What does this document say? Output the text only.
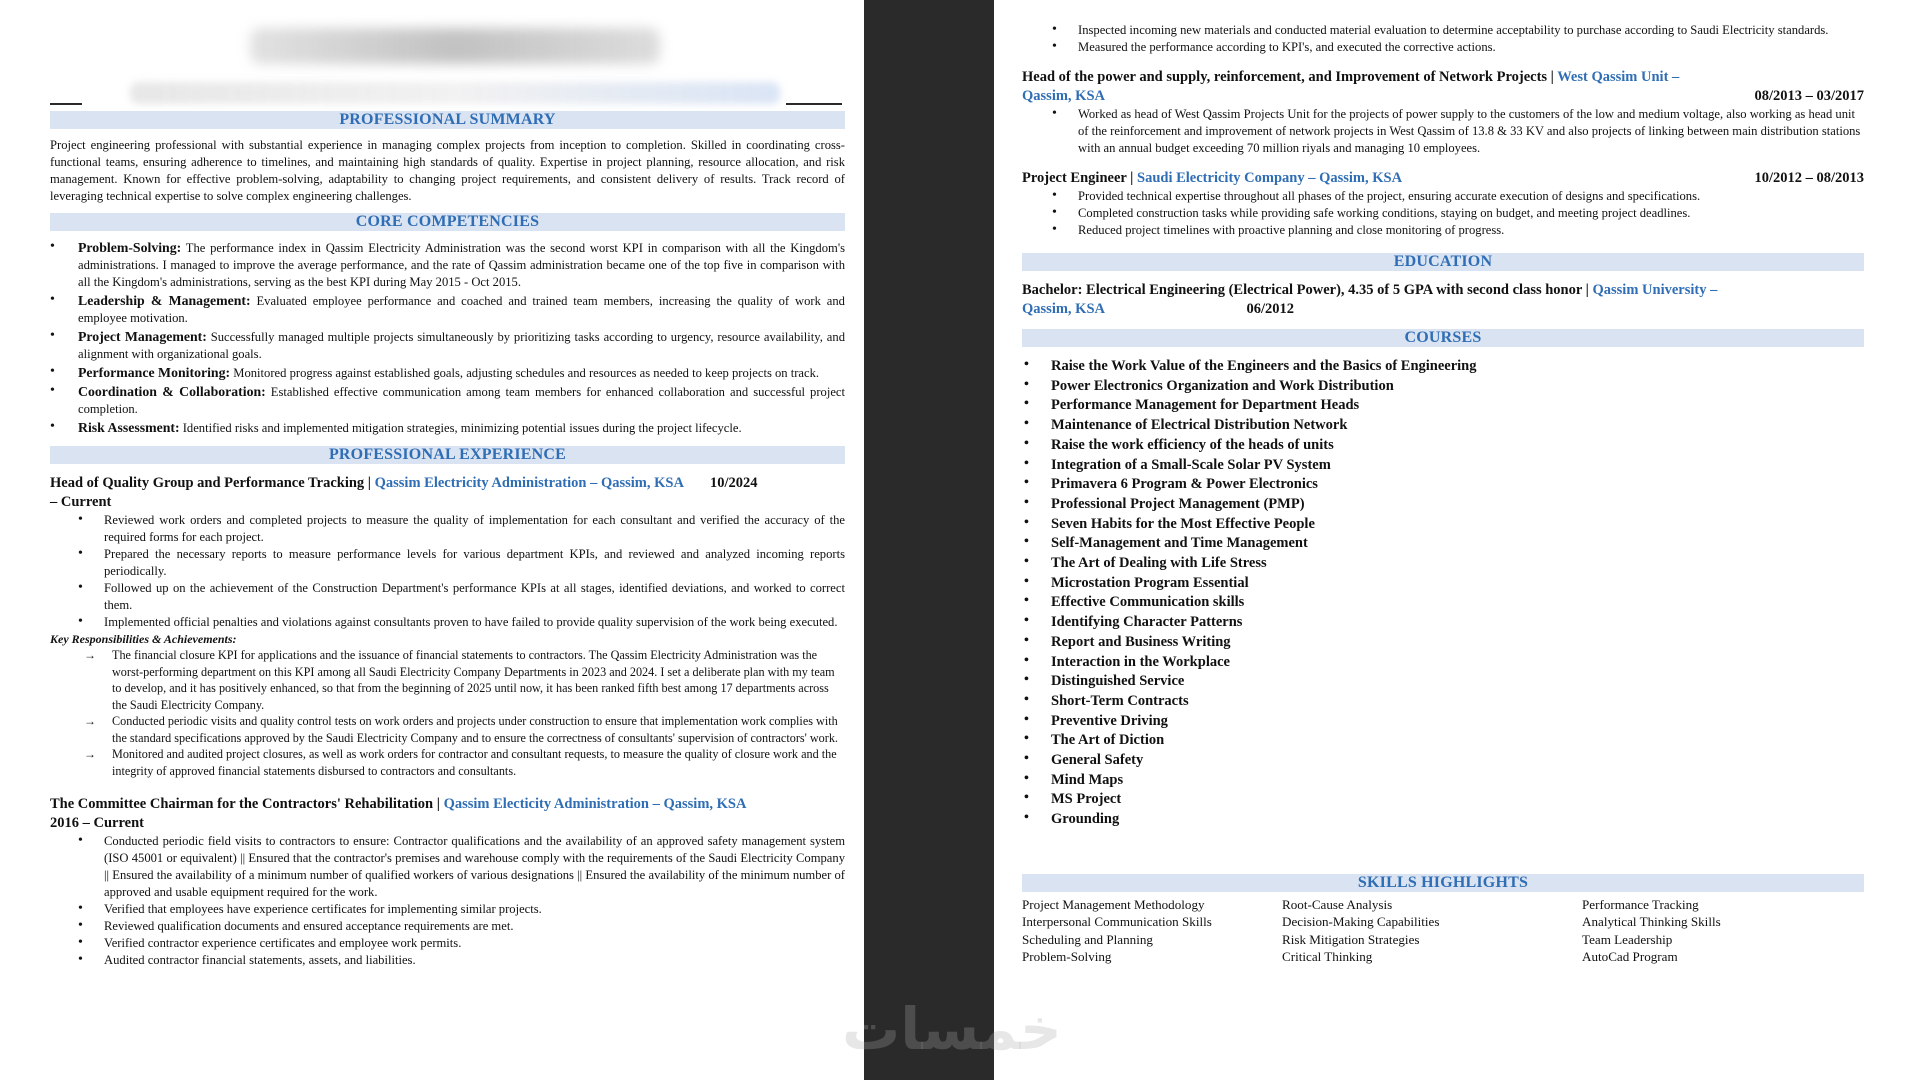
PROFESSIONAL SUMMARY

Project engineering professional with substantial experience in managing complex projects from inception to completion. Skilled in coordinating cross-functional teams, ensuring adherence to timelines, and maintaining high standards of quality. Expertise in project planning, resource allocation, and risk management. Known for effective problem-solving, adaptability to changing project requirements, and consistent delivery of results. Track record of leveraging technical expertise to solve complex engineering challenges.

CORE COMPETENCIES
• Problem-Solving: The performance index in Qassim Electricity Administration was the second worst KPI in comparison with all the Kingdom's administrations. I managed to improve the average performance, and the rate of Qassim administration became one of the top five in comparison with all the Kingdom's administrations, serving as the best KPI during May 2015 - Oct 2015.
• Leadership & Management: Evaluated employee performance and coached and trained team members, increasing the quality of work and employee motivation.
• Project Management: Successfully managed multiple projects simultaneously by prioritizing tasks according to urgency, resource availability, and alignment with organizational goals.
• Performance Monitoring: Monitored progress against established goals, adjusting schedules and resources as needed to keep projects on track.
• Coordination & Collaboration: Established effective communication among team members for enhanced collaboration and successful project completion.
• Risk Assessment: Identified risks and implemented mitigation strategies, minimizing potential issues during the project lifecycle.
PROFESSIONAL EXPERIENCE

Head of Quality Group and Performance Tracking | Qassim Electricity Administration – Qassim, KSA 10/2024

– Current

• Reviewed work orders and completed projects to measure the quality of implementation for each consultant and verified the accuracy of the required forms for each project.
• Prepared the necessary reports to measure performance levels for various department KPIs, and reviewed and analyzed incoming reports periodically.
• Followed up on the achievement of the Construction Department's performance KPIs at all stages, identified deviations, and worked to correct them.
• Implemented official penalties and violations against consultants proven to have failed to provide quality supervision of the work being executed.

Key Responsibilities & Achievements:

→ The financial closure KPI for applications and the issuance of financial statements to contractors. The Qassim Electricity Administration was the worst-performing department on this KPI among all Saudi Electricity Company Departments in 2023 and 2024. I set a deliberate plan with my team to develop, and it has positively enhanced, so that from the beginning of 2025 until now, it has been ranked fifth best among 17 departments across the Saudi Electricity Company.
→ Conducted periodic visits and quality control tests on work orders and projects under construction to ensure that implementation work complies with the standard specifications approved by the Saudi Electricity Company and to ensure the correctness of consultants' supervision of contractors' work.
→ Monitored and audited project closures, as well as work orders for contractor and consultant requests, to measure the quality of closure work and the integrity of approved financial statements disbursed to contractors and consultants.

The Committee Chairman for the Contractors' Rehabilitation | Qassim Electicity Administration – Qassim, KSA

2016 – Current

• Conducted periodic field visits to contractors to ensure: Contractor qualifications and the availability of an approved safety management system (ISO 45001 or equivalent) || Ensured that the contractor's premises and warehouse comply with the requirements of the Saudi Electricity Company || Ensured the availability of a minimum number of qualified workers of various designations || Ensured the availability of the minimum number of approved and usable equipment required for the work.
• Verified that employees have experience certificates for implementing similar projects.
• Reviewed qualification documents and ensured acceptance requirements are met.
• Verified contractor experience certificates and employee work permits.
• Audited contractor financial statements, assets, and liabilities.
• Inspected incoming new materials and conducted material evaluation to determine acceptability to purchase according to Saudi Electricity standards.
• Measured the performance according to KPI's, and executed the corrective actions.

Head of the power and supply, reinforcement, and Improvement of Network Projects | West Qassim Unit –

Qassim, KSA	08/2013 – 03/2017

• Worked as head of West Qassim Projects Unit for the projects of power supply to the customers of the low and medium voltage, also working as head unit of the reinforcement and improvement of network projects in West Qassim of 13.8 & 33 KV and also projects of linking between main distribution stations with an annual budget exceeding 70 million riyals and managing 10 employees.

Project Engineer | Saudi Electricity Company – Qassim, KSA	10/2012 – 08/2013

• Provided technical expertise throughout all phases of the project, ensuring accurate execution of designs and specifications.
• Completed construction tasks while providing safe working conditions, staying on budget, and meeting project deadlines.
• Reduced project timelines with proactive planning and close monitoring of progress.
EDUCATION

Bachelor: Electrical Engineering (Electrical Power), 4.35 of 5 GPA with second class honor | Qassim University –

Qassim, KSA	06/2012

COURSES
• Raise the Work Value of the Engineers and the Basics of Engineering
• Power Electronics Organization and Work Distribution
• Performance Management for Department Heads
• Maintenance of Electrical Distribution Network
• Raise the work efficiency of the heads of units
• Integration of a Small-Scale Solar PV System
• Primavera 6 Program & Power Electronics
• Professional Project Management (PMP)
• Seven Habits for the Most Effective People
• Self-Management and Time Management
• The Art of Dealing with Life Stress
• Microstation Program Essential
• Effective Communication skills
• Identifying Character Patterns
• Report and Business Writing
• Interaction in the Workplace
• Distinguished Service
• Short-Term Contracts
• Preventive Driving
• The Art of Diction
• General Safety
• Mind Maps
• MS Project
• Grounding
SKILLS HIGHLIGHTS
Project Management Methodology	Root-Cause Analysis	Performance Tracking
Interpersonal Communication Skills	Decision-Making Capabilities	Analytical Thinking Skills
Scheduling and Planning	Risk Mitigation Strategies	Team Leadership
Problem-Solving	Critical Thinking	AutoCad Program
خمسات
